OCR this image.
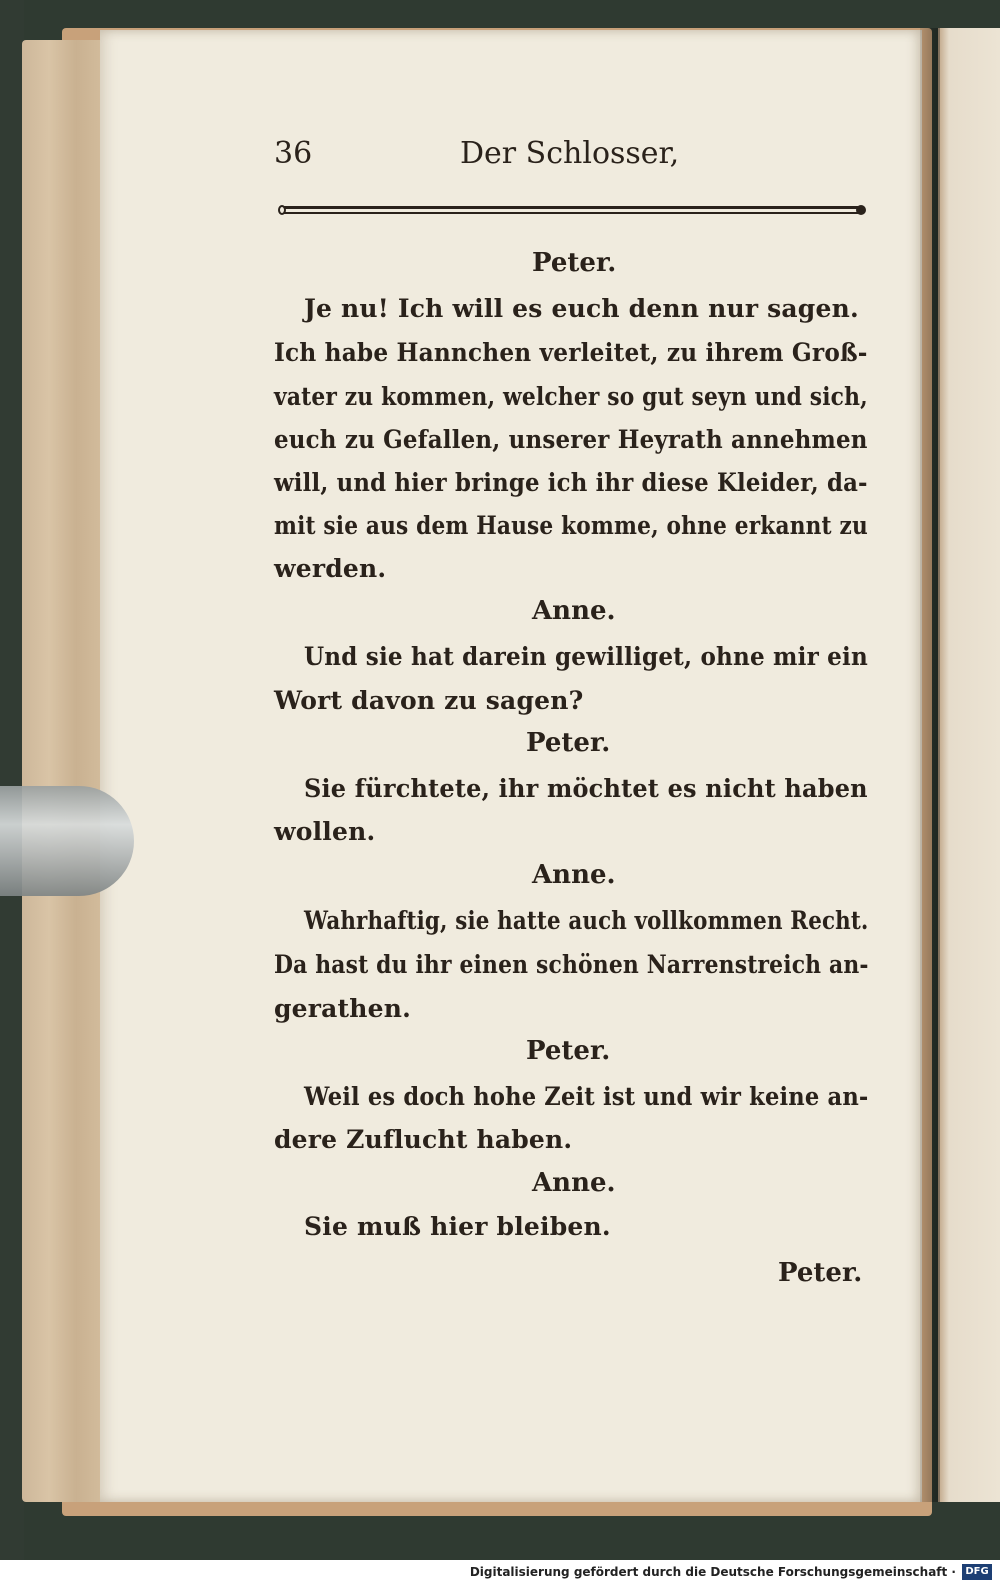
36	Der Schlosser,
Peter.
Je nu! Ich will es euch denn nur sagen.
Ich habe Hannchen verleitet, zu ihrem Groß-
vater zu kommen, welcher so gut seyn und sich,
euch zu Gefallen, unserer Heyrath annehmen
will, und hier bringe ich ihr diese Kleider, da-
mit sie aus dem Hause komme, ohne erkannt zu
werden.
Anne.
Und sie hat darein gewilliget, ohne mir ein
Wort davon zu sagen?
Peter.
Sie fürchtete, ihr möchtet es nicht haben
wollen.
Anne.
Wahrhaftig, sie hatte auch vollkommen Recht.
Da hast du ihr einen schönen Narrenstreich an-
gerathen.
Peter.
Weil es doch hohe Zeit ist und wir keine an-
dere Zuflucht haben.
Anne.
Sie muß hier bleiben.
Peter.
Digitalisierung gefördert durch die Deutsche Forschungsgemeinschaft · DFG
